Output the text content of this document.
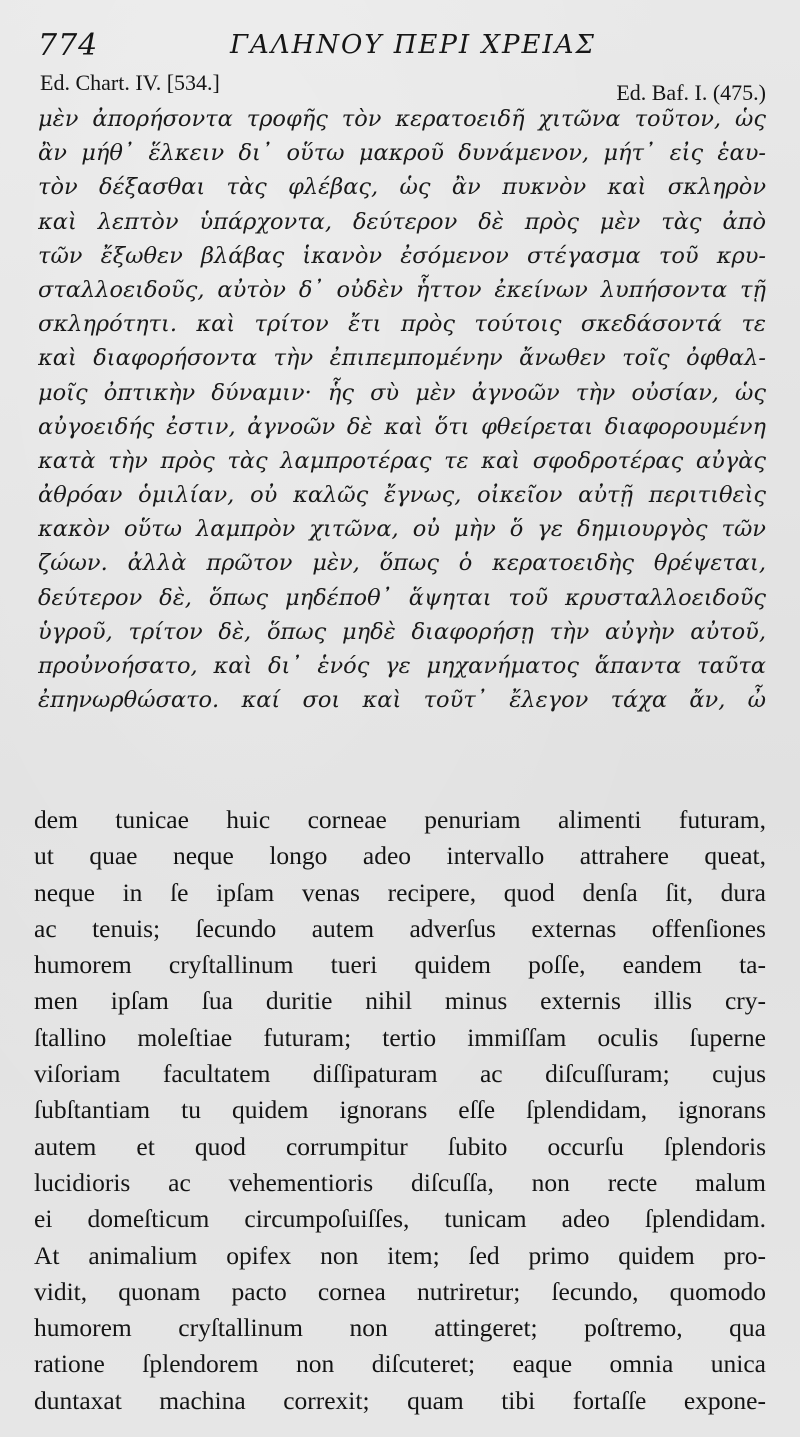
774	ΓΑΛΗΝΟΥ ΠΕΡΙ ΧΡΕΙΑΣ
Ed. Chart. IV. [534.]	Ed. Baf. I. (475.)
μὲν ἀπορήσοντα τροφῆς τὸν κερατοειδῆ χιτῶνα τοῦτον, ὡς
ἂν μήθ᾽ ἕλκειν δι᾽ οὕτω μακροῦ δυνάμενον, μήτ᾽ εἰς ἑαυ-
τὸν δέξασθαι τὰς φλέβας, ὡς ἂν πυκνὸν καὶ σκληρὸν
καὶ λεπτὸν ὑπάρχοντα, δεύτερον δὲ πρὸς μὲν τὰς ἀπὸ
τῶν ἔξωθεν βλάβας ἱκανὸν ἐσόμενον στέγασμα τοῦ κρυ-
σταλλοειδοῦς, αὐτὸν δ᾽ οὐδὲν ἧττον ἐκείνων λυπήσοντα τῇ
σκληρότητι. καὶ τρίτον ἔτι πρὸς τούτοις σκεδάσοντά τε
καὶ διαφορήσοντα τὴν ἐπιπεμπομένην ἄνωθεν τοῖς ὀφθαλ-
μοῖς ὀπτικὴν δύναμιν· ἧς σὺ μὲν ἀγνοῶν τὴν οὐσίαν, ὡς
αὐγοειδής ἐστιν, ἀγνοῶν δὲ καὶ ὅτι φθείρεται διαφορουμένη
κατὰ τὴν πρὸς τὰς λαμπροτέρας τε καὶ σφοδροτέρας αὐγὰς
ἀθρόαν ὁμιλίαν, οὐ καλῶς ἔγνως, οἰκεῖον αὐτῇ περιτιθεὶς
κακὸν οὕτω λαμπρὸν χιτῶνα, οὐ μὴν ὅ γε δημιουργὸς τῶν
ζώων. ἀλλὰ πρῶτον μὲν, ὅπως ὁ κερατοειδὴς θρέψεται,
δεύτερον δὲ, ὅπως μηδέποθ᾽ ἅψηται τοῦ κρυσταλλοειδοῦς
ὑγροῦ, τρίτον δὲ, ὅπως μηδὲ διαφορήσῃ τὴν αὐγὴν αὐτοῦ,
προὐνοήσατο, καὶ δι᾽ ἑνός γε μηχανήματος ἅπαντα ταῦτα
ἐπηνωρθώσατο. καί σοι καὶ τοῦτ᾽ ἔλεγον τάχα ἄν, ὦ
dem tunicae huic corneae penuriam alimenti futuram,
ut quae neque longo adeo intervallo attrahere queat,
neque in ſe ipſam venas recipere, quod denſa ſit, dura
ac tenuis; ſecundo autem adverſus externas offenſiones
humorem cryſtallinum tueri quidem poſſe, eandem ta-
men ipſam ſua duritie nihil minus externis illis cry-
ſtallino moleſtiae futuram; tertio immiſſam oculis ſuperne
viſoriam facultatem diſſipaturam ac diſcuſſuram; cujus
ſubſtantiam tu quidem ignorans eſſe ſplendidam, ignorans
autem et quod corrumpitur ſubito occurſu ſplendoris
lucidioris ac vehementioris diſcuſſa, non recte malum
ei domeſticum circumpoſuiſſes, tunicam adeo ſplendidam.
At animalium opifex non item; ſed primo quidem pro-
vidit, quonam pacto cornea nutriretur; ſecundo, quomodo
humorem cryſtallinum non attingeret; poſtremo, qua
ratione ſplendorem non diſcuteret; eaque omnia unica
duntaxat machina correxit; quam tibi fortaſſe expone-
